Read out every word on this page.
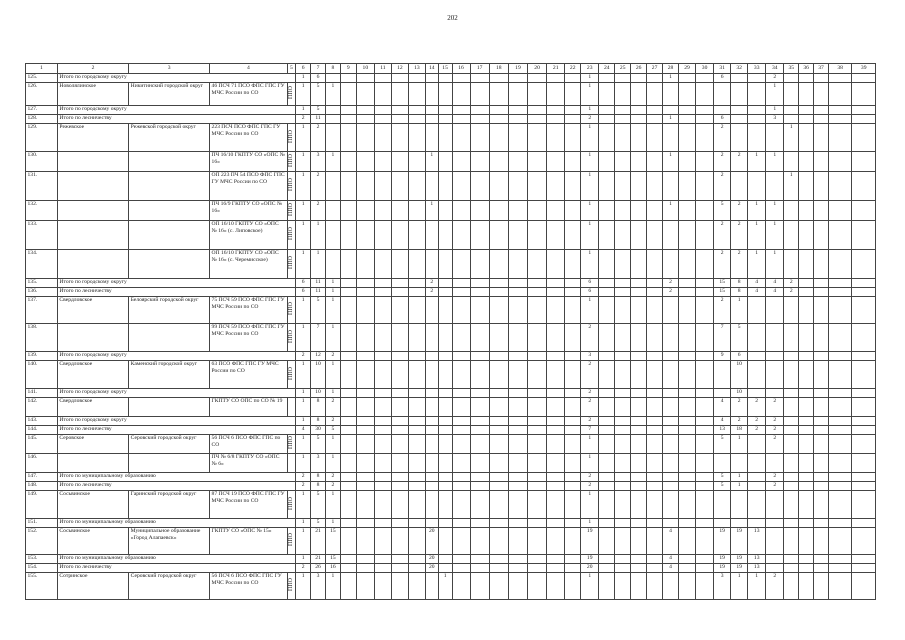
202
1	2	3	4	5	6	7	8	9	10	11	12	13	14	15	16	17	18	19	20	21	22	23	24	25	26	27	28	29	30	31	32	33	34	35	36	37	38	39
125.	Итого по городскому округу				1	6																1					1			6			2					
126.	Новолялинское	Никитинский городской округ	46 ПСЧ 71 ПСО ФПС ГПС ГУ МЧС России по СО	ППО	1	5	1															1											1					
127.	Итого по городскому округу				1	5																1											1					
128.	Итого по лесничеству				2	11																2					1			6			3					
129.	Режевское	Режевской городской округ	223 ПСЧ ПСО ФПС ГПС ГУ МЧС России по СО	ППО	1	2																1								2				1				
130.			ПЧ 16/10 ГКПТУ СО «ОПС № 16»	ППО	1	3	1						1									1					1			2	2	1	1					
131.			ОП 223 ПЧ 54 ПСО ФПС ГПС ГУ МЧС России по СО	ППО	1	2																1								2				1				
132.			ПЧ 16/9 ГКПТУ СО «ОПС № 16»	ППО	1	2							1									1					1			5	2	1	1					
133.			ОП 16/10 ГКПТУ СО «ОПС № 16» (с. Липовское)	ППО	1	1																1								2	2	1	1					
134.			ОП 16/10 ГКПТУ СО «ОПС № 16» (с. Черемисское)	ППО	1	1																1								2	2	1	1					
135.	Итого по городскому округу				6	11	1						2									6					2			15	8	4	4	2				
136.	Итого по лесничеству				6	11	1						2									6					2			15	8	4	4	2				
137.	Свердловское	Белоярский городской округ	75 ПСЧ 59 ПСО ФПС ГПС ГУ МЧС России по СО	ППО	1	5	1															1								2	1							
138.			99 ПСЧ 59 ПСО ФПС ГПС ГУ МЧС России по СО	ППО	1	7	1															2								7	5							
139.	Итого по городскому округу				2	12	2															3								9	6							
140.	Свердловское	Каменский городской округ	63 ПСО ФПС ГПС ГУ МЧС России по СО	ППО	1	10	1															2									10							
141.	Итого по городскому округу				1	10	1															2									10							
142.	Свердловское		ГКПТУ СО ОПС по СО № 19		1	8	2															2								4	2	2	2					
143.	Итого по городскому округу				1	8	2															2								4	2	2	2					
144.	Итого по лесничеству				4	30	5															7								13	18	2	2					
145.	Серовское	Серовский городской округ	56 ПСЧ 6 ПСО ФПС ГПС по СО	ППО	1	5	1															1								5	1		2					
146.			ПЧ № 6/8 ГКПТУ СО «ОПС № 6»		1	3	1															1																
147.	Итого по муниципальному образованию				2	8	2															2								5	1		2					
148.	Итого по лесничеству				2	8	2															2								5	1		2					
149.	Сосьвинское	Гаринский городской округ	87 ПСЧ 19 ПСО ФПС ГПС ГУ МЧС России по СО	ППО	1	5	1															1																
151.	Итого по муниципальному образованию				1	5	1															1																
152.	Сосьвинское	Муниципальное образование «Город Алапаевск»	ГКПТУ СО «ОПС № 15»	ППО	1	21	15						20									19					4			19	19	13						
153.	Итого по муниципальному образованию				1	21	15						20									19					4			19	19	13						
154.	Итого по лесничеству				2	26	16						20									20					4			19	19	13						
155.	Сотринское	Серовский городской округ	56 ПСЧ 6 ПСО ФПС ГПС ГУ МЧС России по СО	ППО	1	3	1							1								1								3	1	1	2					
